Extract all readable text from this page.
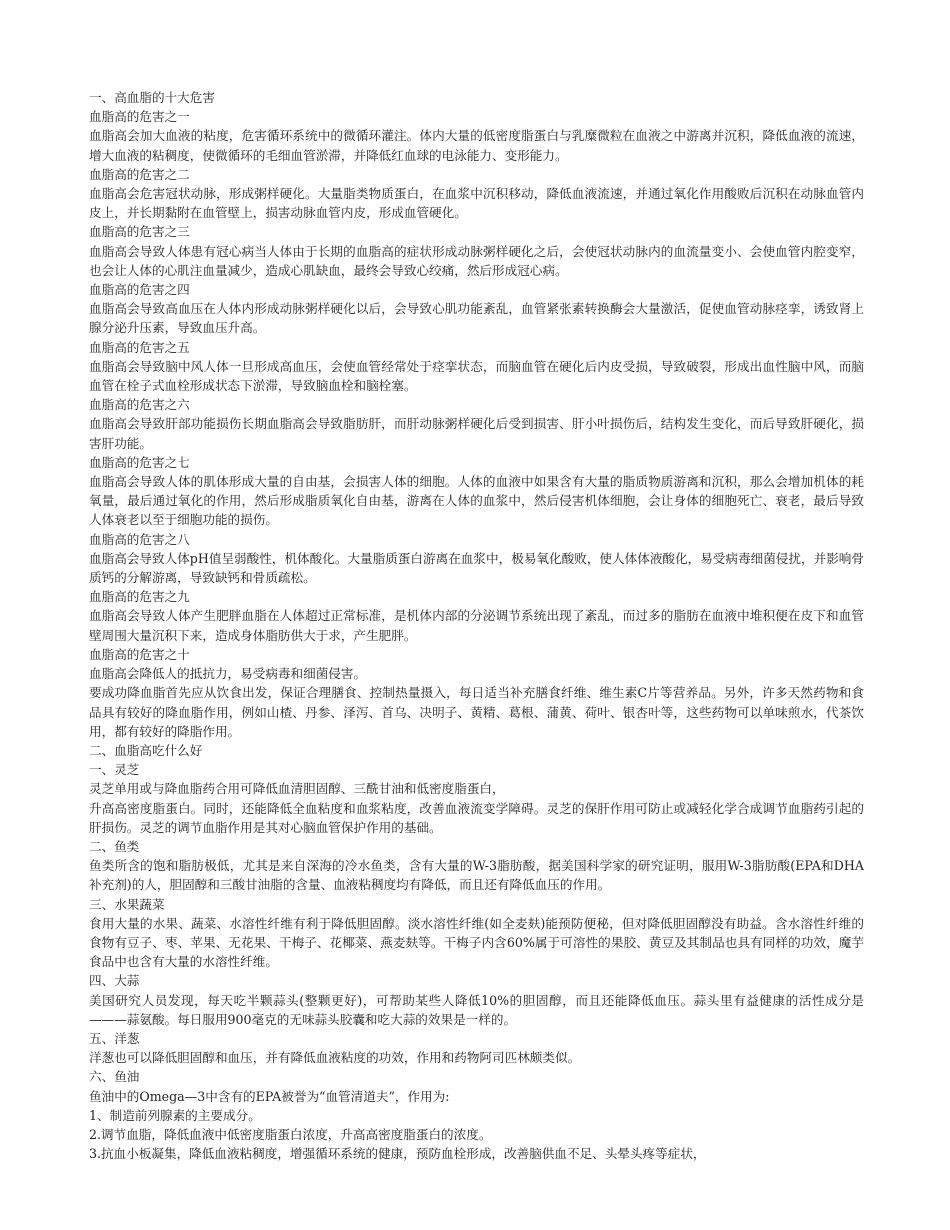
一、高血脂的十大危害

血脂高的危害之一

血脂高会加大血液的粘度，危害循环系统中的微循环灌注。体内大量的低密度脂蛋白与乳糜微粒在血液之中游离并沉积，降低血液的流速，增大血液的粘稠度，使微循环的毛细血管淤滞，并降低红血球的电泳能力、变形能力。

血脂高的危害之二

血脂高会危害冠状动脉，形成粥样硬化。大量脂类物质蛋白，在血浆中沉积移动，降低血液流速，并通过氧化作用酸败后沉积在动脉血管内皮上，并长期黏附在血管壁上，损害动脉血管内皮，形成血管硬化。

血脂高的危害之三

血脂高会导致人体患有冠心病当人体由于长期的血脂高的症状形成动脉粥样硬化之后，会使冠状动脉内的血流量变小、会使血管内腔变窄，也会让人体的心肌注血量减少，造成心肌缺血，最终会导致心绞痛，然后形成冠心病。

血脂高的危害之四

血脂高会导致高血压在人体内形成动脉粥样硬化以后，会导致心肌功能紊乱，血管紧张素转换酶会大量激活，促使血管动脉痉挛，诱致肾上腺分泌升压素，导致血压升高。

血脂高的危害之五

血脂高会导致脑中风人体一旦形成高血压，会使血管经常处于痉挛状态，而脑血管在硬化后内皮受损，导致破裂，形成出血性脑中风，而脑血管在栓子式血栓形成状态下淤滞，导致脑血栓和脑栓塞。

血脂高的危害之六

血脂高会导致肝部功能损伤长期血脂高会导致脂肪肝，而肝动脉粥样硬化后受到损害、肝小叶损伤后，结构发生变化，而后导致肝硬化，损害肝功能。

血脂高的危害之七

血脂高会导致人体的肌体形成大量的自由基，会损害人体的细胞。人体的血液中如果含有大量的脂质物质游离和沉积，那么会增加机体的耗氧量，最后通过氧化的作用，然后形成脂质氧化自由基，游离在人体的血浆中，然后侵害机体细胞，会让身体的细胞死亡、衰老，最后导致人体衰老以至于细胞功能的损伤。

血脂高的危害之八

血脂高会导致人体pH值呈弱酸性，机体酸化。大量脂质蛋白游离在血浆中，极易氧化酸败，使人体体液酸化，易受病毒细菌侵扰，并影响骨质钙的分解游离，导致缺钙和骨质疏松。

血脂高的危害之九

血脂高会导致人体产生肥胖血脂在人体超过正常标准，是机体内部的分泌调节系统出现了紊乱，而过多的脂肪在血液中堆积便在皮下和血管壁周围大量沉积下来，造成身体脂肪供大于求，产生肥胖。

血脂高的危害之十

血脂高会降低人的抵抗力，易受病毒和细菌侵害。

要成功降血脂首先应从饮食出发，保证合理膳食、控制热量摄入，每日适当补充膳食纤维、维生素C片等营养品。另外，许多天然药物和食品具有较好的降血脂作用，例如山楂、丹参、泽泻、首乌、决明子、黄精、葛根、蒲黄、荷叶、银杏叶等，这些药物可以单味煎水，代茶饮用，都有较好的降脂作用。

二、血脂高吃什么好

一、灵芝

灵芝单用或与降血脂药合用可降低血清胆固醇、三酰甘油和低密度脂蛋白，

升高高密度脂蛋白。同时，还能降低全血粘度和血浆粘度，改善血液流变学障碍。灵芝的保肝作用可防止或减轻化学合成调节血脂药引起的肝损伤。灵芝的调节血脂作用是其对心脑血管保护作用的基础。

二、鱼类

鱼类所含的饱和脂肪极低，尤其是来自深海的冷水鱼类，含有大量的W-3脂肪酸，据美国科学家的研究证明，服用W-3脂肪酸(EPA和DHA补充剂)的人，胆固醇和三酸甘油脂的含量、血液粘稠度均有降低，而且还有降低血压的作用。

三、水果蔬菜

食用大量的水果、蔬菜、水溶性纤维有利于降低胆固醇。淡水溶性纤维(如全麦麸)能预防便秘，但对降低胆固醇没有助益。含水溶性纤维的食物有豆子、枣、苹果、无花果、干梅子、花椰菜、燕麦麸等。干梅子内含60%属于可溶性的果胶、黄豆及其制品也具有同样的功效，魔芋食品中也含有大量的水溶性纤维。

四、大蒜

美国研究人员发现，每天吃半颗蒜头(整颗更好)，可帮助某些人降低10%的胆固醇，而且还能降低血压。蒜头里有益健康的活性成分是———蒜氨酸。每日服用900毫克的无味蒜头胶囊和吃大蒜的效果是一样的。

五、洋葱

洋葱也可以降低胆固醇和血压，并有降低血液粘度的功效，作用和药物阿司匹林颇类似。

六、鱼油

鱼油中的Omega—3中含有的EPA被誉为“血管清道夫”，作用为:

1、制造前列腺素的主要成分。

2.调节血脂，降低血液中低密度脂蛋白浓度，升高高密度脂蛋白的浓度。

3.抗血小板凝集，降低血液粘稠度，增强循环系统的健康，预防血栓形成，改善脑供血不足、头晕头疼等症状，
